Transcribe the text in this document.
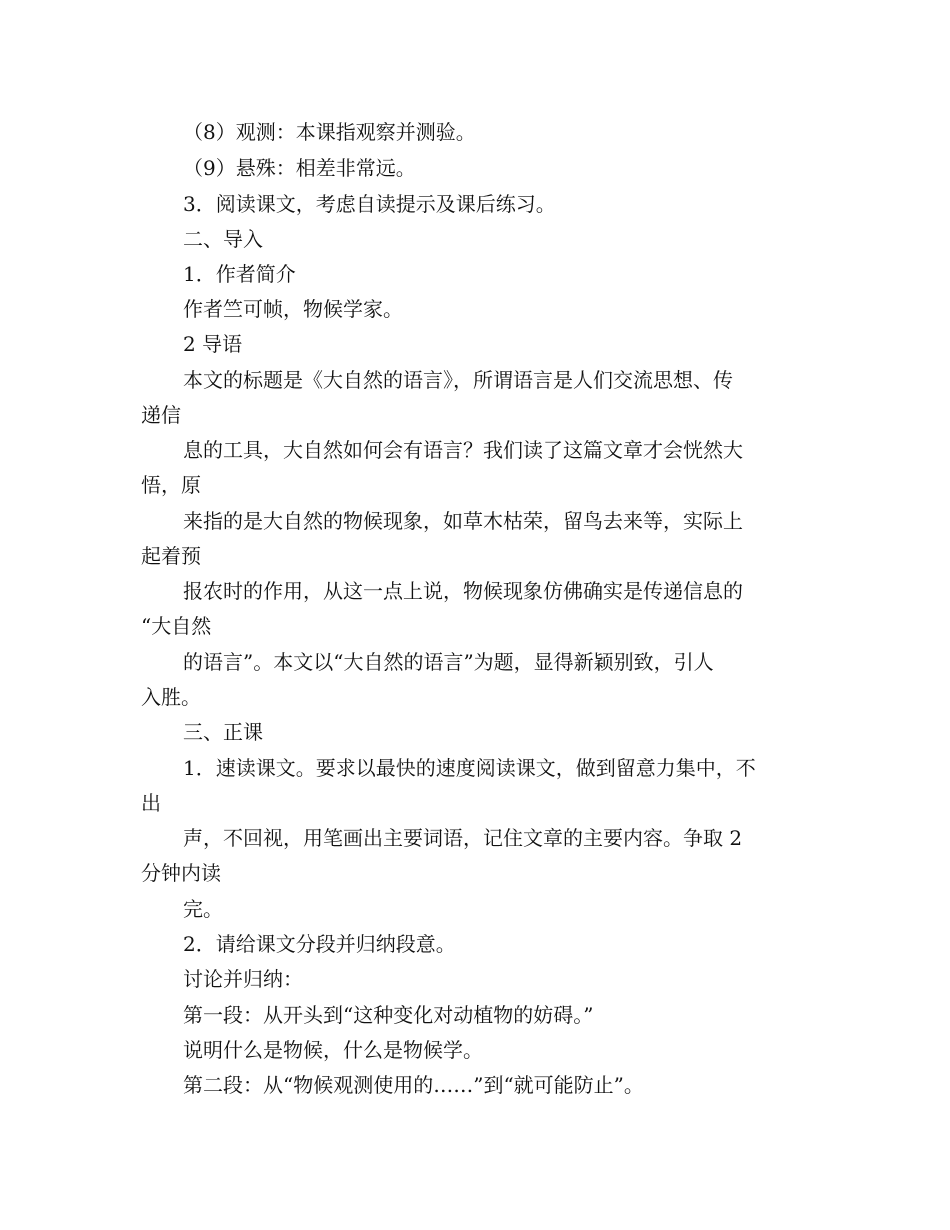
（8）观测：本课指观察并测验。
（9）悬殊：相差非常远。
3．阅读课文，考虑自读提示及课后练习。
二、导入
1．作者简介
作者竺可帧，物候学家。
2 导语
本文的标题是《大自然的语言》，所谓语言是人们交流思想、传
递信
息的工具，大自然如何会有语言？我们读了这篇文章才会恍然大
悟，原
来指的是大自然的物候现象，如草木枯荣，留鸟去来等，实际上
起着预
报农时的作用，从这一点上说，物候现象仿佛确实是传递信息的
“大自然
的语言”。本文以“大自然的语言”为题，显得新颖别致，引人
入胜。
三、正课
1．速读课文。要求以最快的速度阅读课文，做到留意力集中，不
出
声，不回视，用笔画出主要词语，记住文章的主要内容。争取 2
分钟内读
完。
2．请给课文分段并归纳段意。
讨论并归纳：
第一段：从开头到“这种变化对动植物的妨碍。”
说明什么是物候，什么是物候学。
第二段：从“物候观测使用的……”到“就可能防止”。
